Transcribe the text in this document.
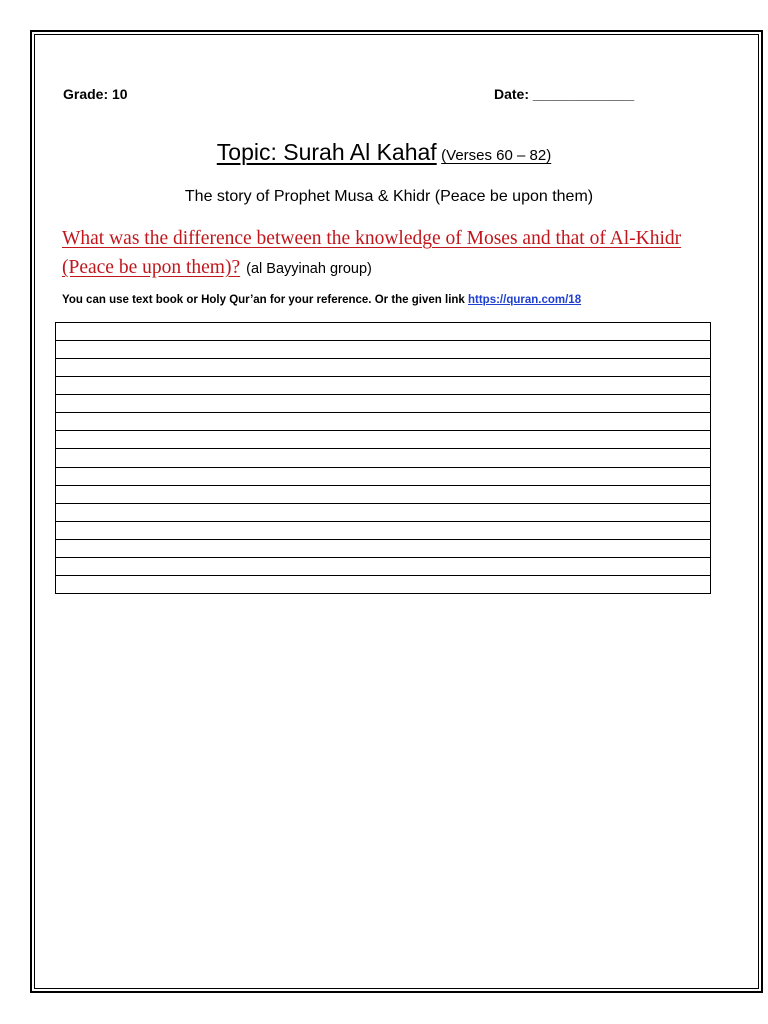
Grade: 10	Date: _____________
Topic: Surah Al Kahaf (Verses 60 – 82)
The story of Prophet Musa & Khidr (Peace be upon them)
What was the difference between the knowledge of Moses and that of Al-Khidr (Peace be upon them)? (al Bayyinah group)
You can use text book or Holy Qur’an for your reference. Or the given link https://quran.com/18
